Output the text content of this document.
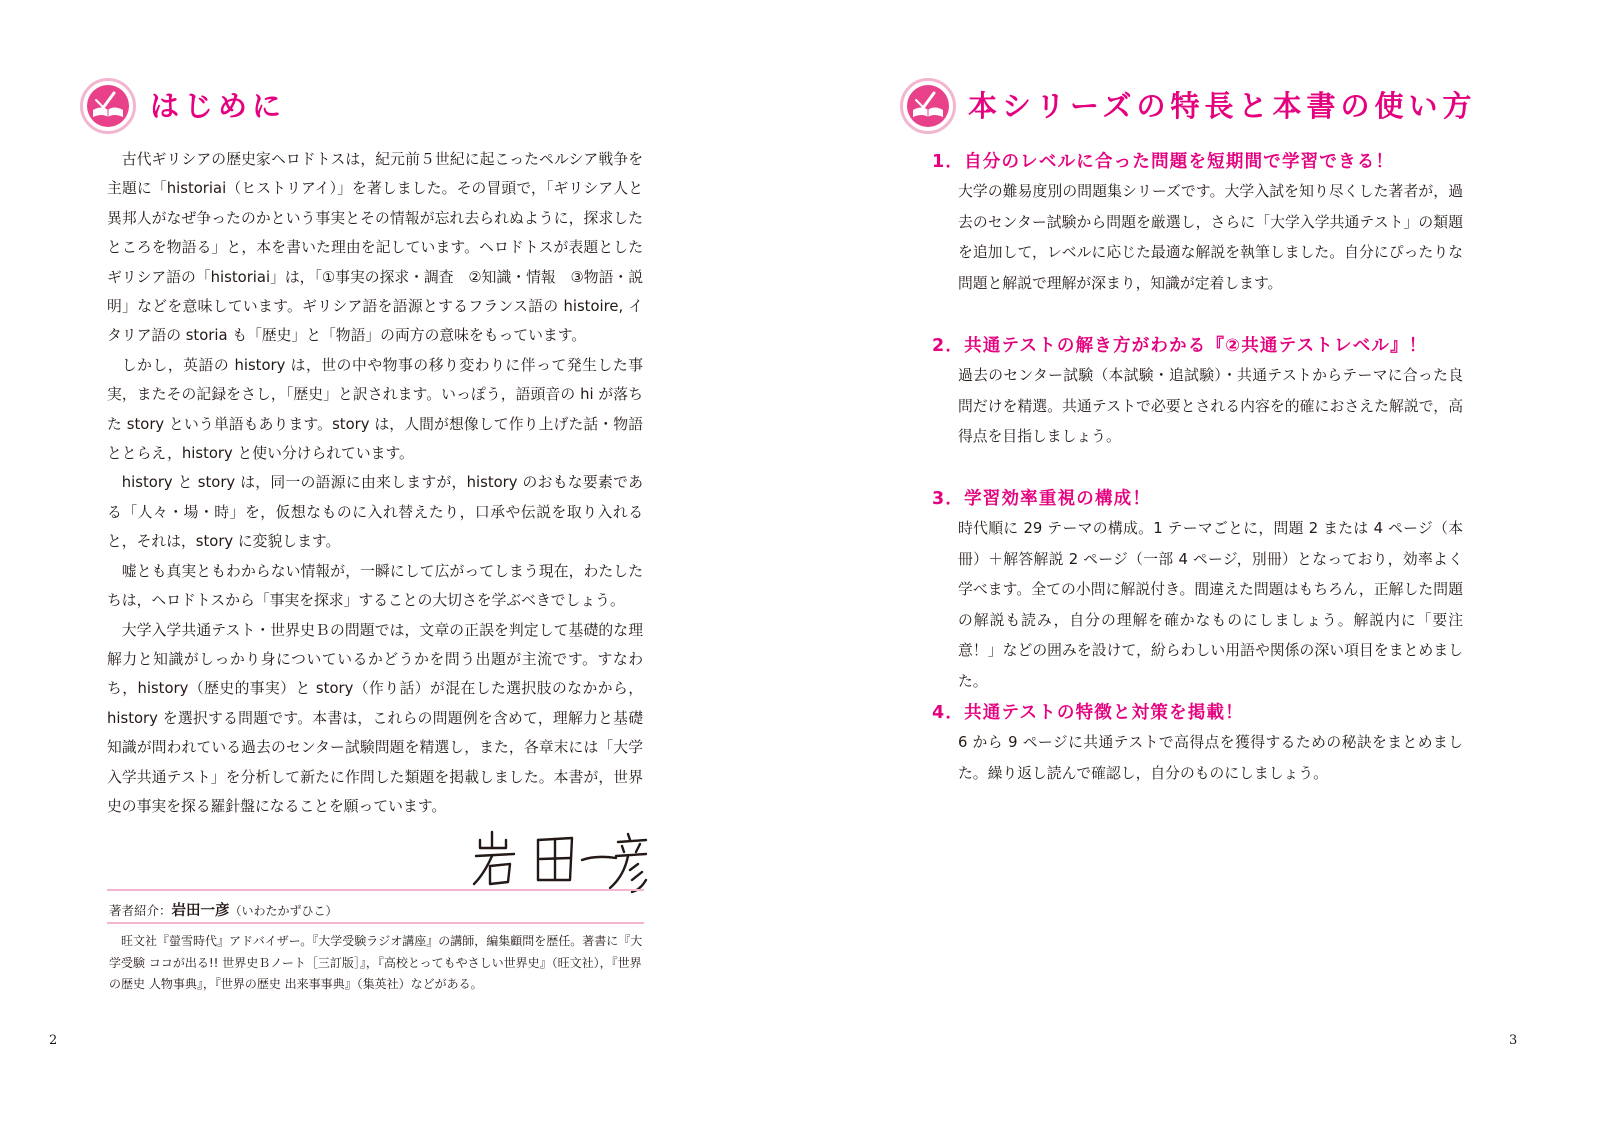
はじめに

古代ギリシアの歴史家ヘロドトスは，紀元前５世紀に起こったペルシア戦争を主題に「historiai（ヒストリアイ）」を著しました。その冒頭で，「ギリシア人と異邦人がなぜ争ったのかという事実とその情報が忘れ去られぬように，探求したところを物語る」と，本を書いた理由を記しています。ヘロドトスが表題としたギリシア語の「historiai」は，「①事実の探求・調査　②知識・情報　③物語・説明」などを意味しています。ギリシア語を語源とするフランス語の histoire, イタリア語の storia も「歴史」と「物語」の両方の意味をもっています。

しかし，英語の history は，世の中や物事の移り変わりに伴って発生した事実，またその記録をさし，「歴史」と訳されます。いっぽう，語頭音の hi が落ちた story という単語もあります。story は，人間が想像して作り上げた話・物語ととらえ，history と使い分けられています。

history と story は，同一の語源に由来しますが，history のおもな要素である「人々・場・時」を，仮想なものに入れ替えたり，口承や伝説を取り入れると，それは，story に変貌します。

嘘とも真実ともわからない情報が，一瞬にして広がってしまう現在，わたしたちは，ヘロドトスから「事実を探求」することの大切さを学ぶべきでしょう。

大学入学共通テスト・世界史Ｂの問題では，文章の正誤を判定して基礎的な理解力と知識がしっかり身についているかどうかを問う出題が主流です。すなわち，history（歴史的事実）と story（作り話）が混在した選択肢のなかから，history を選択する問題です。本書は，これらの問題例を含めて，理解力と基礎知識が問われている過去のセンター試験問題を精選し，また，各章末には「大学入学共通テスト」を分析して新たに作問した類題を掲載しました。本書が，世界史の事実を探る羅針盤になることを願っています。

著者紹介：岩田一彦（いわたかずひこ）

旺文社『螢雪時代』アドバイザー。『大学受験ラジオ講座』の講師，編集顧問を歴任。著書に『大学受験 ココが出る!! 世界史Ｂノート［三訂版］』，『高校とってもやさしい世界史』（旺文社），『世界の歴史 人物事典』，『世界の歴史 出来事事典』（集英社）などがある。

2
本シリーズの特長と本書の使い方
1．自分のレベルに合った問題を短期間で学習できる！
大学の難易度別の問題集シリーズです。大学入試を知り尽くした著者が，過去のセンター試験から問題を厳選し，さらに「大学入学共通テスト」の類題を追加して，レベルに応じた最適な解説を執筆しました。自分にぴったりな問題と解説で理解が深まり，知識が定着します。
2．共通テストの解き方がわかる『②共通テストレベル』！
過去のセンター試験（本試験・追試験）・共通テストからテーマに合った良問だけを精選。共通テストで必要とされる内容を的確におさえた解説で，高得点を目指しましょう。
3．学習効率重視の構成！
時代順に 29 テーマの構成。1 テーマごとに，問題 2 または 4 ページ（本冊）＋解答解説 2 ページ（一部 4 ページ，別冊）となっており，効率よく学べます。全ての小問に解説付き。間違えた問題はもちろん，正解した問題の解説も読み，自分の理解を確かなものにしましょう。解説内に「要注意！」などの囲みを設けて，紛らわしい用語や関係の深い項目をまとめました。
4．共通テストの特徴と対策を掲載！
6 から 9 ページに共通テストで高得点を獲得するための秘訣をまとめました。繰り返し読んで確認し，自分のものにしましょう。
3
